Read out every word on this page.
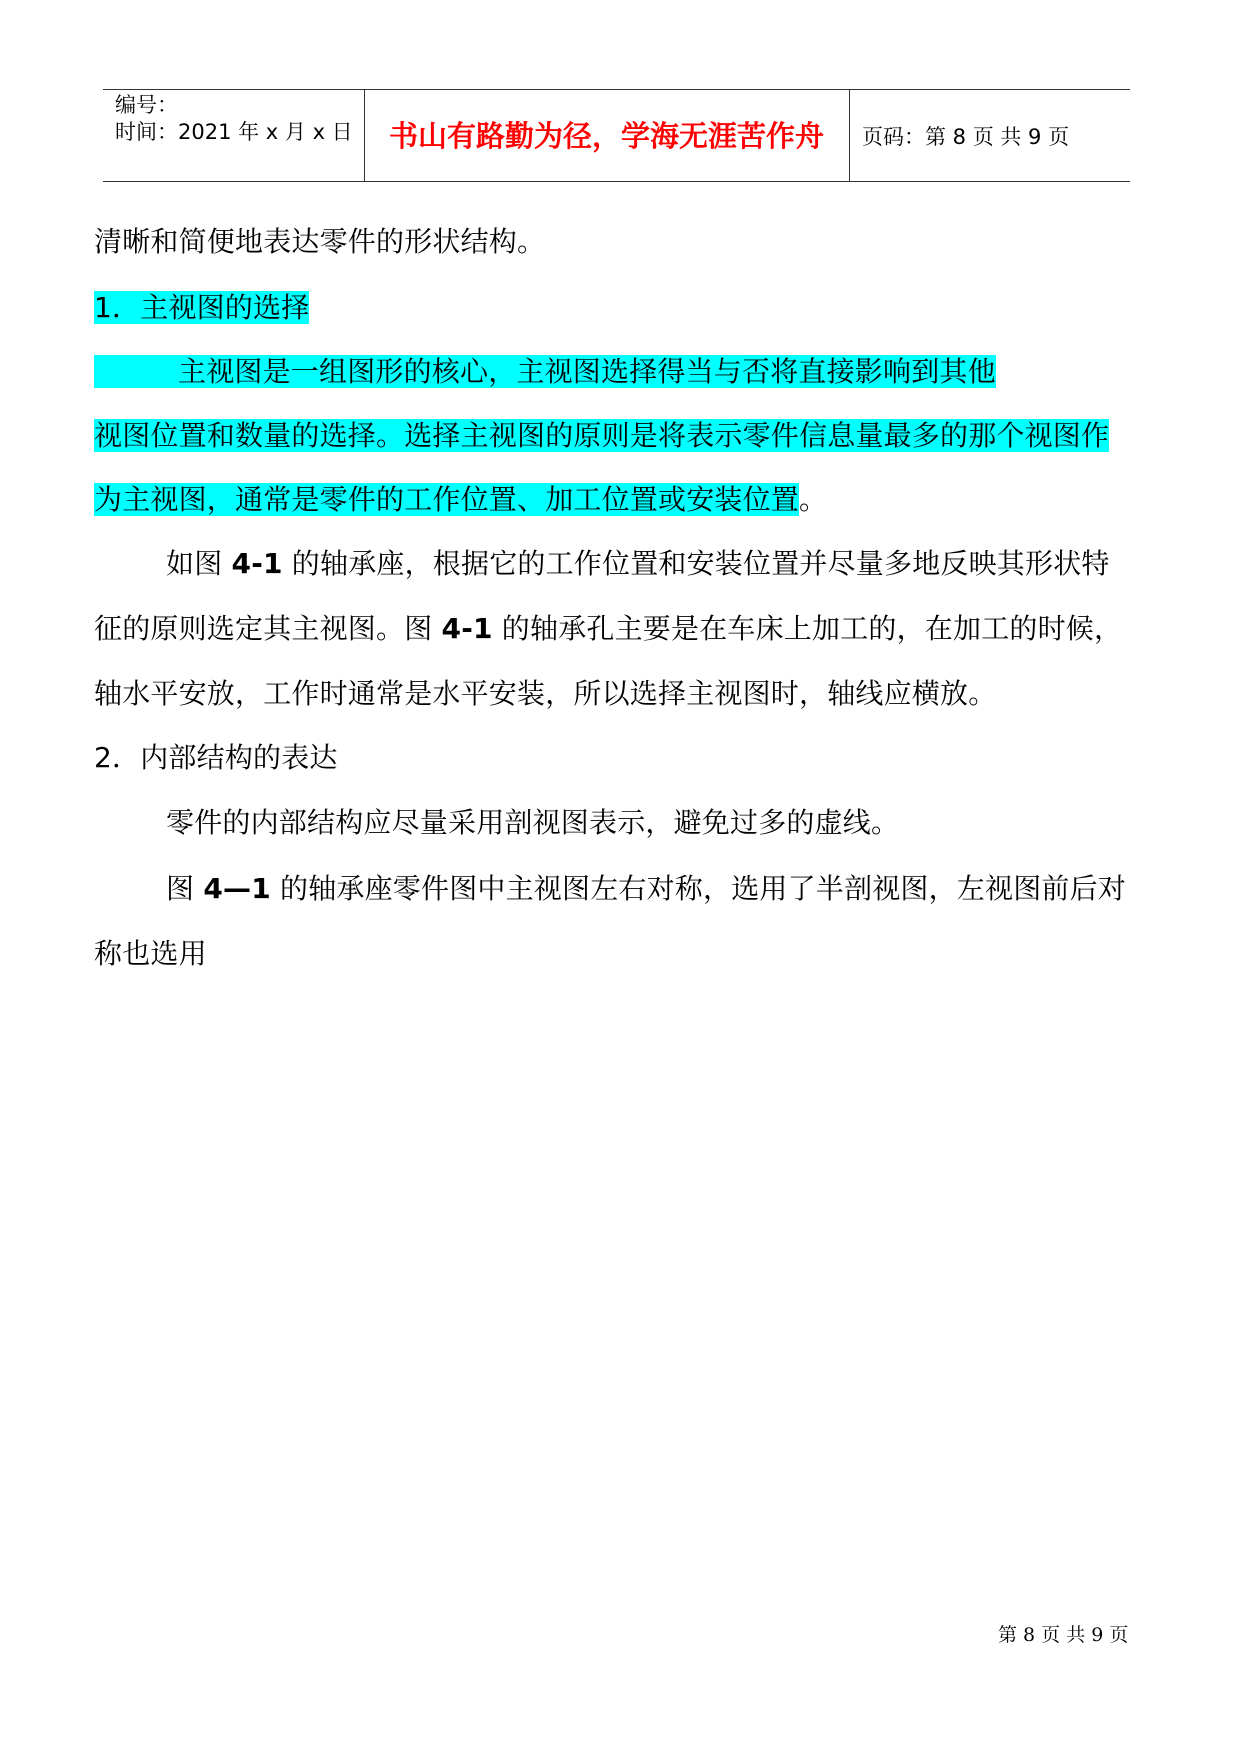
编号：
时间：2021 年 x 月 x 日	书山有路勤为径，学海无涯苦作舟	页码：第 8 页 共 9 页
清晰和简便地表达零件的形状结构。
1．主视图的选择
主视图是一组图形的核心，主视图选择得当与否将直接影响到其他
视图位置和数量的选择。选择主视图的原则是将表示零件信息量最多的那个视图作
为主视图，通常是零件的工作位置、加工位置或安装位置。
如图 4-1 的轴承座，根据它的工作位置和安装位置并尽量多地反映其形状特
征的原则选定其主视图。图 4-1 的轴承孔主要是在车床上加工的，在加工的时候，
轴水平安放，工作时通常是水平安装，所以选择主视图时，轴线应横放。
2．内部结构的表达
零件的内部结构应尽量采用剖视图表示，避免过多的虚线。
图 4—1 的轴承座零件图中主视图左右对称，选用了半剖视图，左视图前后对
称也选用
第 8 页 共 9 页
